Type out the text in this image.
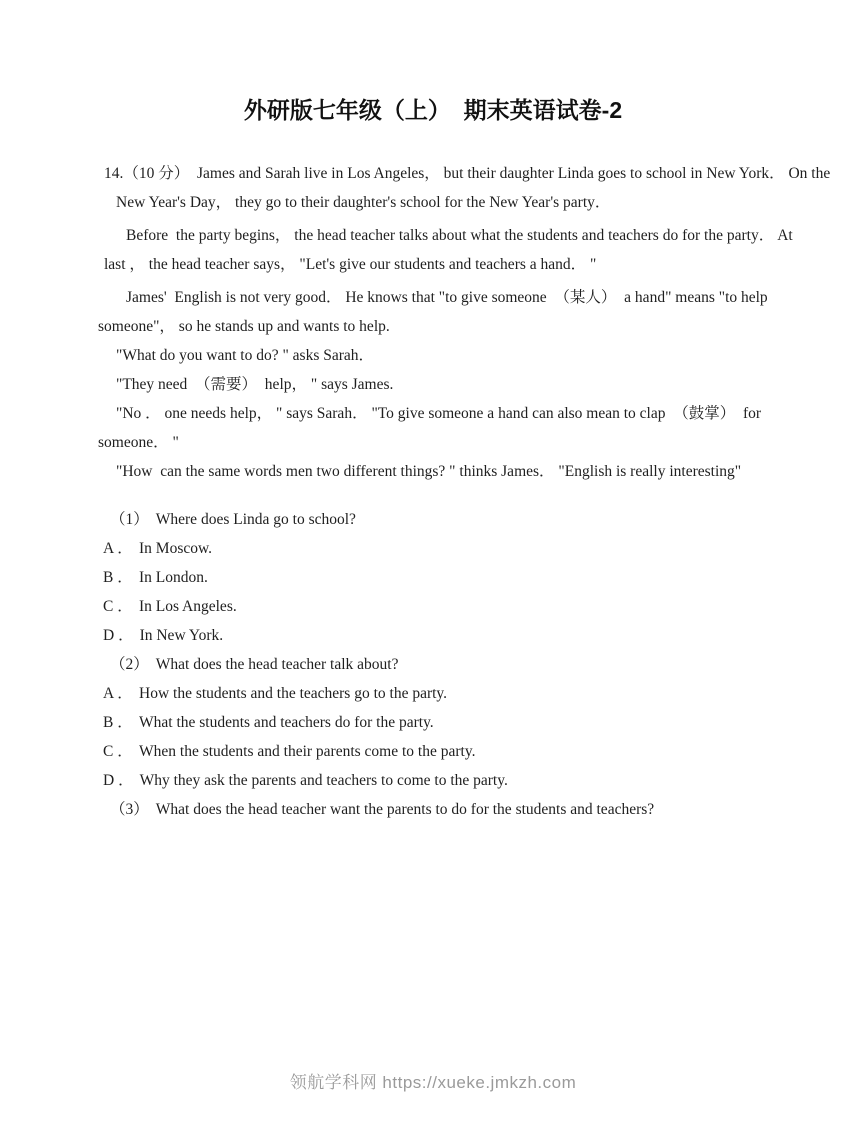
外研版七年级（上）  期末英语试卷-2
14.（10 分）  James and Sarah live in Los Angeles， but their daughter Linda goes to school in New York． On the
New Year's Day， they go to their daughter's school for the New Year's party．
Before  the party begins， the head teacher talks about what the students and teachers do for the party． At
last ， the head teacher says， "Let's give our students and teachers a hand． "
James'  English is not very good． He knows that "to give someone  （某人）  a hand" means "to help
someone"， so he stands up and wants to help.
"What do you want to do? " asks Sarah．
"They need  （需要）  help， " says James.
"No ． one needs help， " says Sarah． "To give someone a hand can also mean to clap  （鼓掌）  for
someone． "
"How  can the same words men two different things? " thinks James． "English is really interesting"
（1） Where does Linda go to school?
A ． In Moscow.
B ． In London.
C ． In Los Angeles.
D ． In New York.
（2） What does the head teacher talk about?
A ． How the students and the teachers go to the party.
B ． What the students and teachers do for the party.
C ． When the students and their parents come to the party.
D ． Why they ask the parents and teachers to come to the party.
（3） What does the head teacher want the parents to do for the students and teachers?
领航学科网 https://xueke.jmkzh.com
